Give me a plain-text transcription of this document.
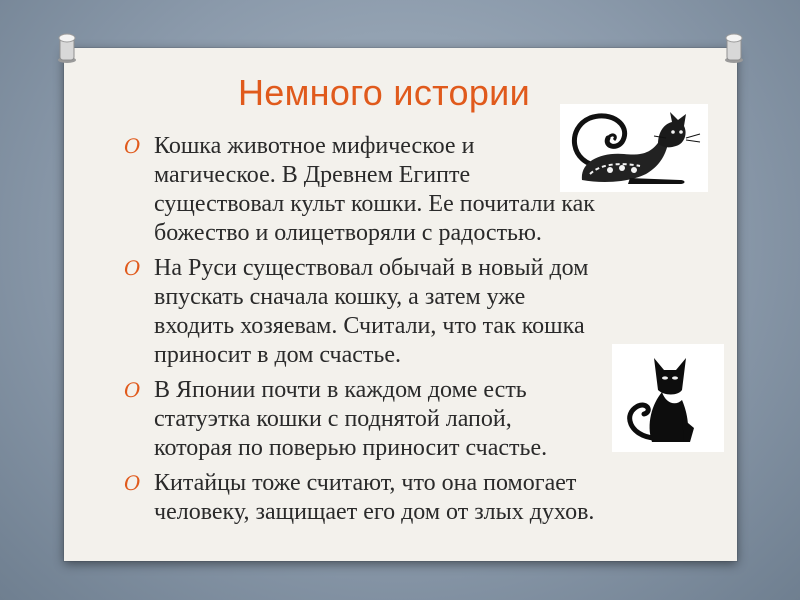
Немного истории
O Кошка животное мифическое и
магическое. В Древнем Египте
существовал культ кошки. Ее почитали как
божество и олицетворяли с радостью.
O На Руси существовал обычай в новый дом
впускать сначала кошку, а затем уже
входить хозяевам. Считали, что так кошка
приносит в дом счастье.
O В Японии почти в каждом доме есть
статуэтка кошки с поднятой лапой,
которая по поверью приносит счастье.
O Китайцы тоже считают, что она помогает
человеку, защищает его дом от злых духов.
